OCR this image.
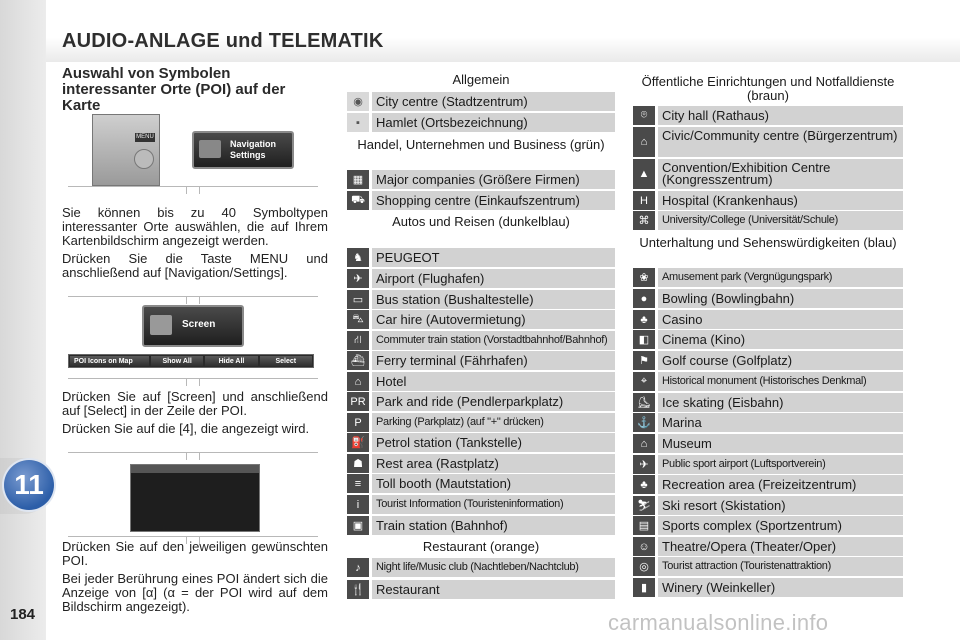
AUDIO-ANLAGE und TELEMATIK
11
184
Auswahl von Symbolen interessanter Orte (POI) auf der Karte
MENU
Navigation Settings

Sie können bis zu 40 Symboltypen interessanter Orte auswählen, die auf Ihrem Kartenbildschirm angezeigt werden.

Drücken Sie die Taste MENU und anschließend auf [Navigation/Settings].

Screen
POI Icons on Map	Show All	Hide All	Select

Drücken Sie auf [Screen] und anschließend auf [Select] in der Zeile der POI.

Drücken Sie auf die [4], die angezeigt wird.

Drücken Sie auf den jeweiligen gewünschten POI.

Bei jeder Berührung eines POI ändert sich die Anzeige von [α] (α = der POI wird auf dem Bildschirm angezeigt).

Allgemein
◉	City centre (Stadtzentrum)
▪	Hamlet (Ortsbezeichnung)
Handel, Unternehmen und Business (grün)
▦ Major companies (Größere Firmen)
⛟ Shopping centre (Einkaufszentrum)
Autos und Reisen (dunkelblau)
♞	PEUGEOT
✈	Airport (Flughafen)
▭ Bus station (Bushaltestelle)
⛍ Car hire (Autovermietung)
⛙	Commuter train station (Vorstadtbahnhof/Bahnhof)
⛴ Ferry terminal (Fährhafen)
⌂	Hotel
PR Park and ride (Pendlerparkplatz)
P	Parking (Parkplatz) (auf "+" drücken)
⛽ Petrol station (Tankstelle)
☗	Rest area (Rastplatz)
≡	Toll booth (Mautstation)
i	Tourist Information (Touristeninformation)
▣ Train station (Bahnhof)
Restaurant (orange)
♪	Night life/Music club (Nachtleben/Nachtclub)
🍴 Restaurant
Öffentliche Einrichtungen und Notfalldienste (braun)
⌾	City hall (Rathaus)
⌂	Civic/Community centre (Bürgerzentrum)
▲ Convention/Exhibition Centre (Kongresszentrum)
H	Hospital (Krankenhaus)
⌘	University/College (Universität/Schule)
Unterhaltung und Sehenswürdigkeiten (blau)
❀	Amusement park (Vergnügungspark)
●	Bowling (Bowlingbahn)
♣	Casino
◧ Cinema (Kino)
⚑	Golf course (Golfplatz)
⌖	Historical monument (Historisches Denkmal)
⛸ Ice skating (Eisbahn)
⚓ Marina
⌂	Museum
✈	Public sport airport (Luftsportverein)
♣	Recreation area (Freizeitzentrum)
⛷ Ski resort (Skistation)
▤ Sports complex (Sportzentrum)
☺ Theatre/Opera (Theater/Oper)
◎	Tourist attraction (Touristenattraktion)
▮	Winery (Weinkeller)
carmanualsonline.info
